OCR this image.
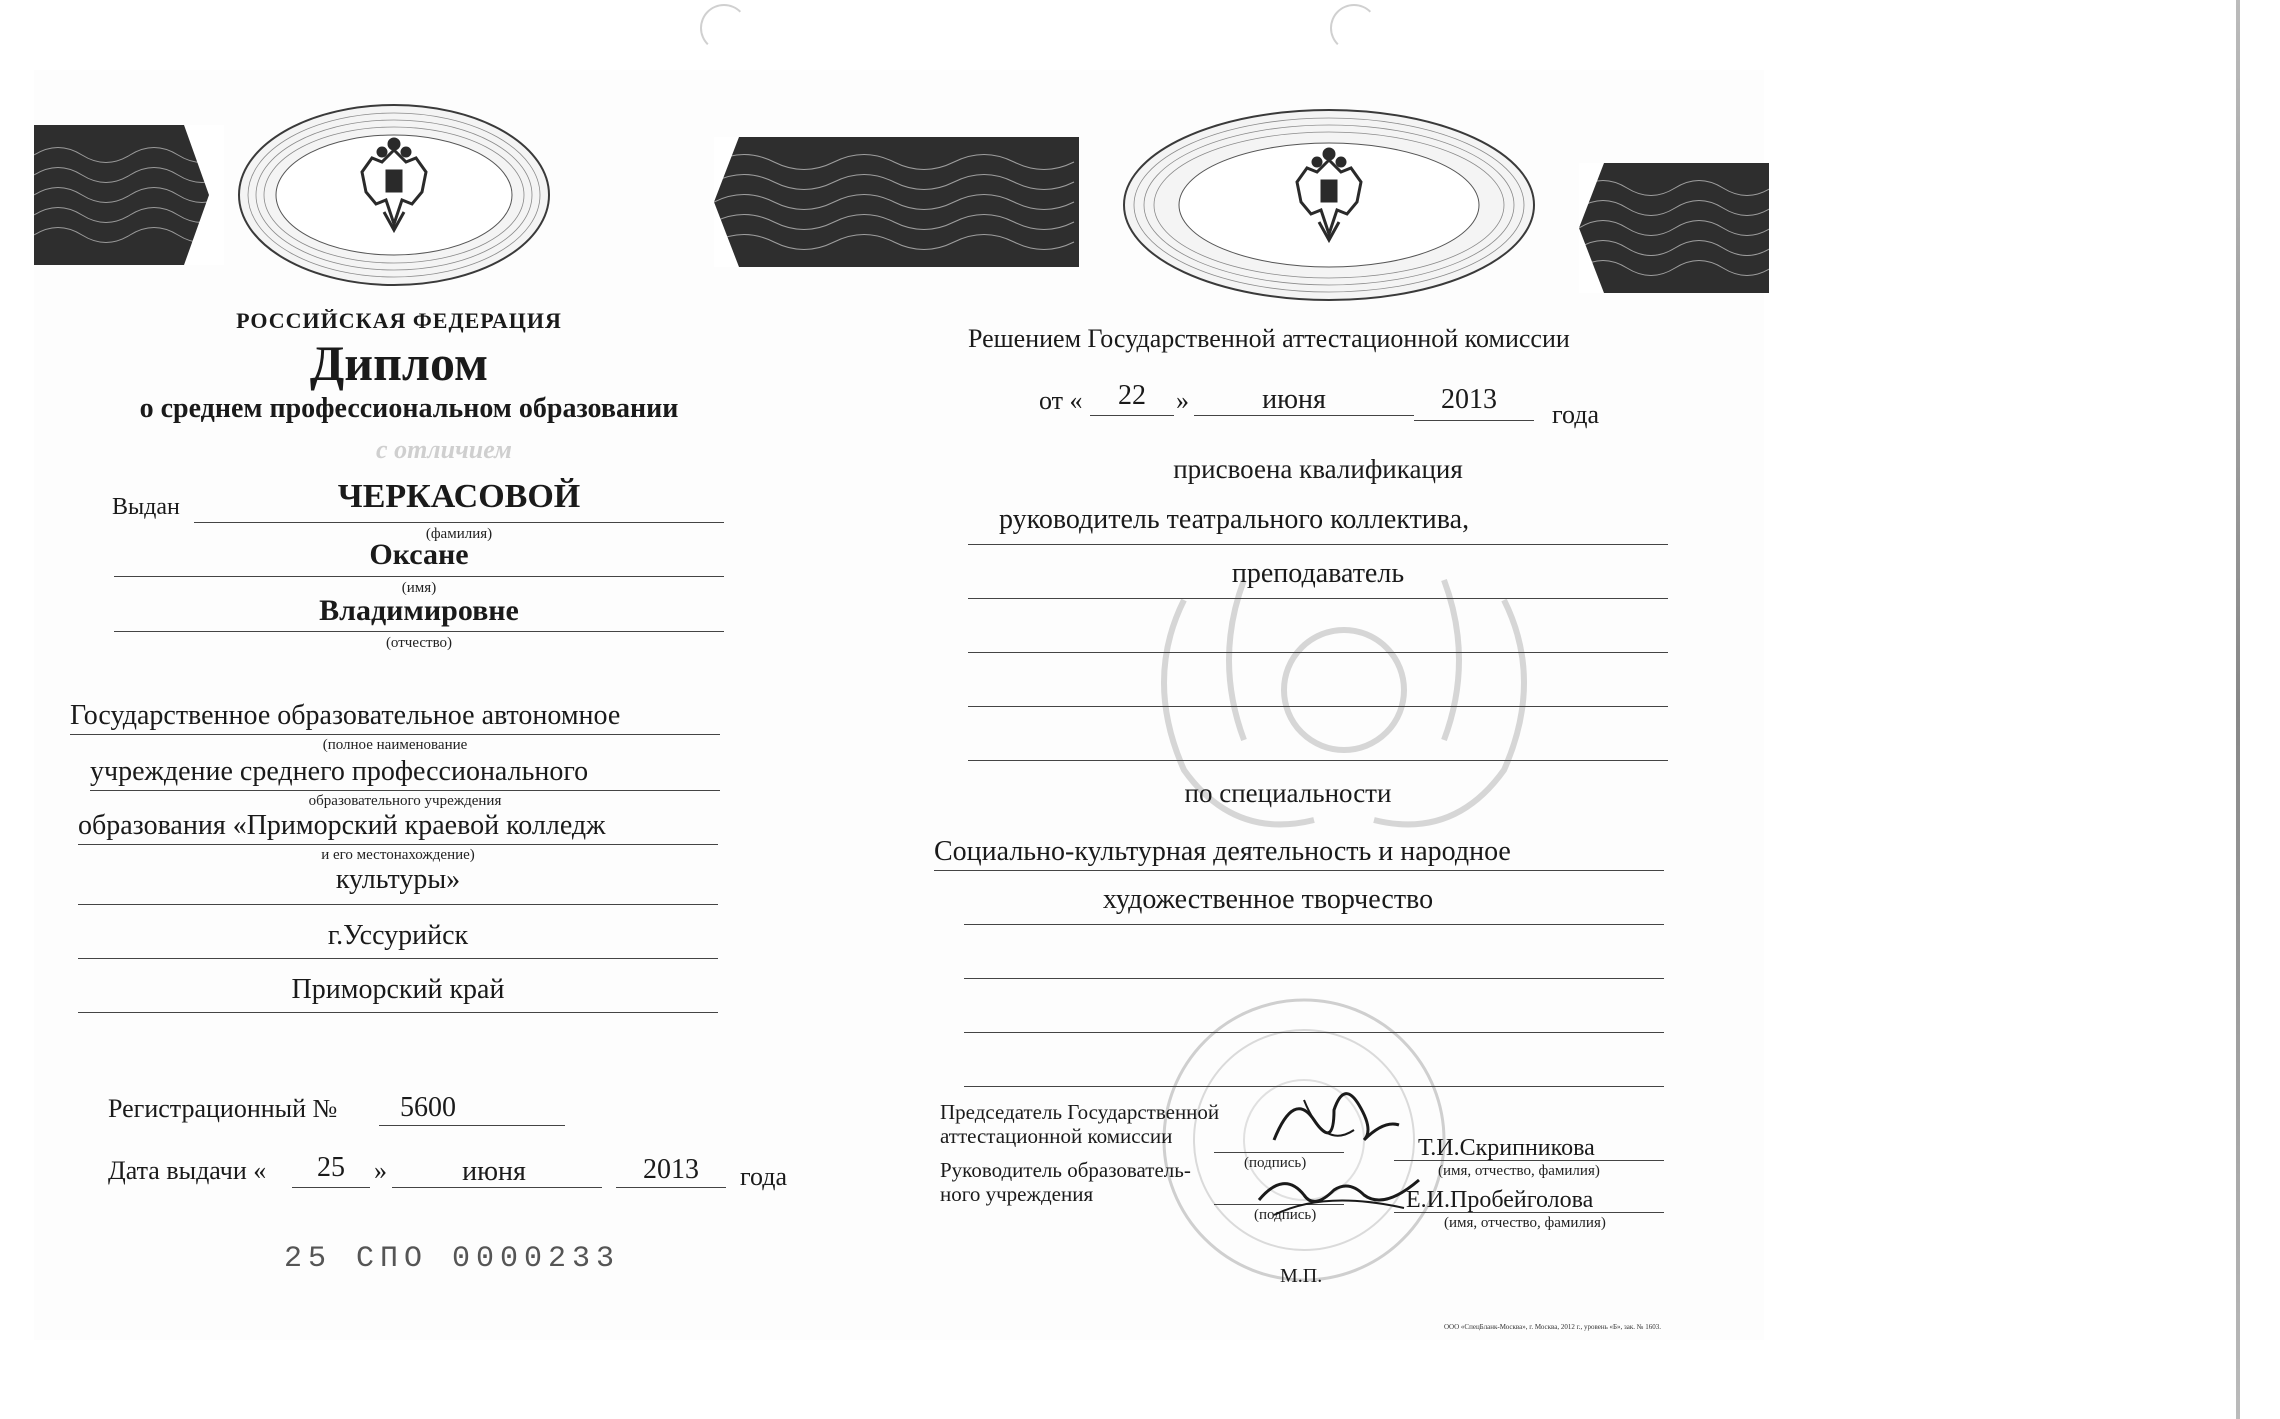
РОССИЙСКАЯ ФЕДЕРАЦИЯ
Диплом
о среднем профессиональном образовании
с отличием
Выдан	ЧЕРКАСОВОЙ
(фамилия)
Оксане
(имя)
Владимировне
(отчество)
Государственное образовательное автономное
(полное наименование
учреждение среднего профессионального
образовательного учреждения
образования «Приморский краевой колледж
и его местонахождение)
культуры»
г.Уссурийск
Приморский край
Регистрационный № 5600
Дата выдачи «	25	»	июня	2013	года
25 СПО 0000233
Решением Государственной аттестационной комиссии
от «	22	»	июня	2013	года
присвоена квалификация
руководитель театрального коллектива,
преподаватель
по специальности
Социально-культурная деятельность и народное
художественное творчество
Председатель Государственной
аттестационной комиссии
(подпись)
Т.И.Скрипникова
(имя, отчество, фамилия)
Руководитель образователь-
ного учреждения
(подпись)
Е.И.Пробейголова
(имя, отчество, фамилия)
М.П.
ООО «СпецБланк-Москва», г. Москва, 2012 г., уровень «Б», зак. № 1603.
